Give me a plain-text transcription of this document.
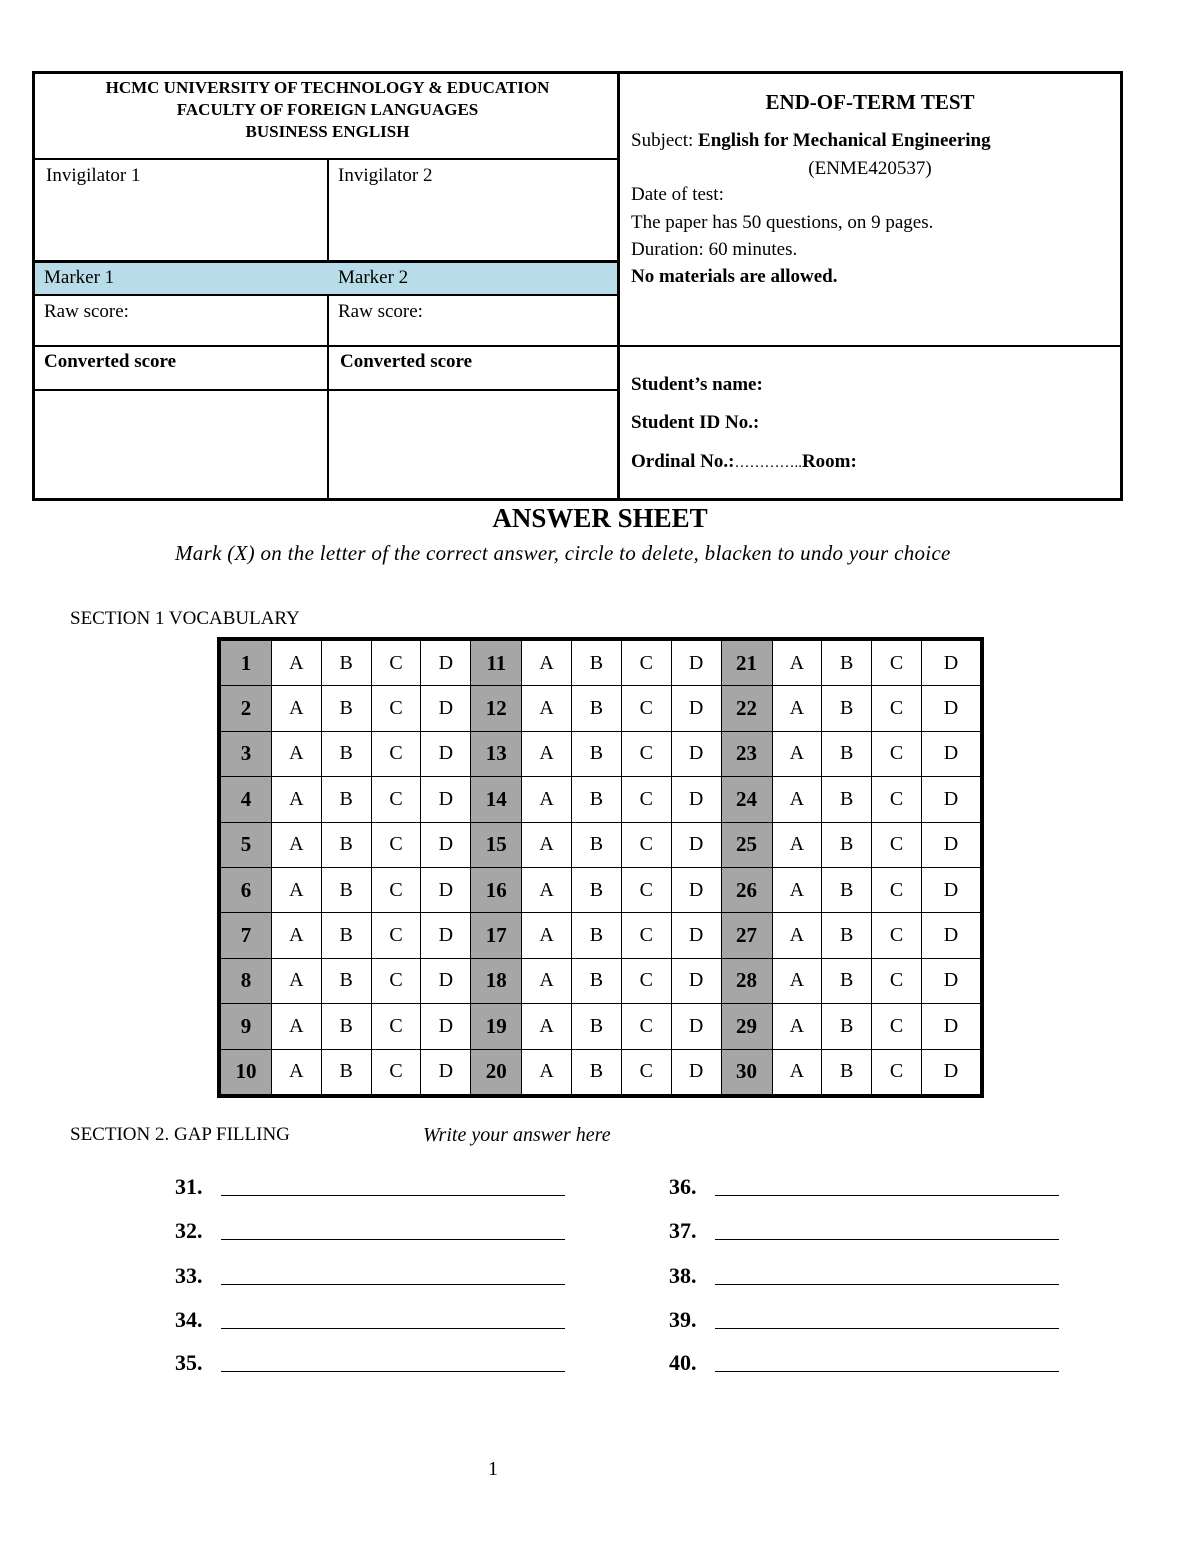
HCMC UNIVERSITY OF TECHNOLOGY & EDUCATION
FACULTY OF FOREIGN LANGUAGES
BUSINESS ENGLISH
Invigilator 1	Invigilator 2
Marker 1	Marker 2
Raw score:	Raw score:
Converted score	Converted score
END-OF-TERM TEST
Subject: English for Mechanical Engineering
(ENME420537)
Date of test:
The paper has 50 questions, on 9 pages.
Duration: 60 minutes.
No materials are allowed.
Student’s name:
Student ID No.:
Ordinal No.:…………..Room:
ANSWER SHEET
Mark (X) on the letter of the correct answer, circle to delete, blacken to undo your choice
SECTION 1 VOCABULARY
1	A	B	C	D	11	A	B	C	D	21	A	B	C	D
2	A	B	C	D	12	A	B	C	D	22	A	B	C	D
3	A	B	C	D	13	A	B	C	D	23	A	B	C	D
4	A	B	C	D	14	A	B	C	D	24	A	B	C	D
5	A	B	C	D	15	A	B	C	D	25	A	B	C	D
6	A	B	C	D	16	A	B	C	D	26	A	B	C	D
7	A	B	C	D	17	A	B	C	D	27	A	B	C	D
8	A	B	C	D	18	A	B	C	D	28	A	B	C	D
9	A	B	C	D	19	A	B	C	D	29	A	B	C	D
10	A	B	C	D	20	A	B	C	D	30	A	B	C	D
SECTION 2. GAP FILLING	Write your answer here
31.
32.
33.
34.
35.
36.
37.
38.
39.
40.
1
